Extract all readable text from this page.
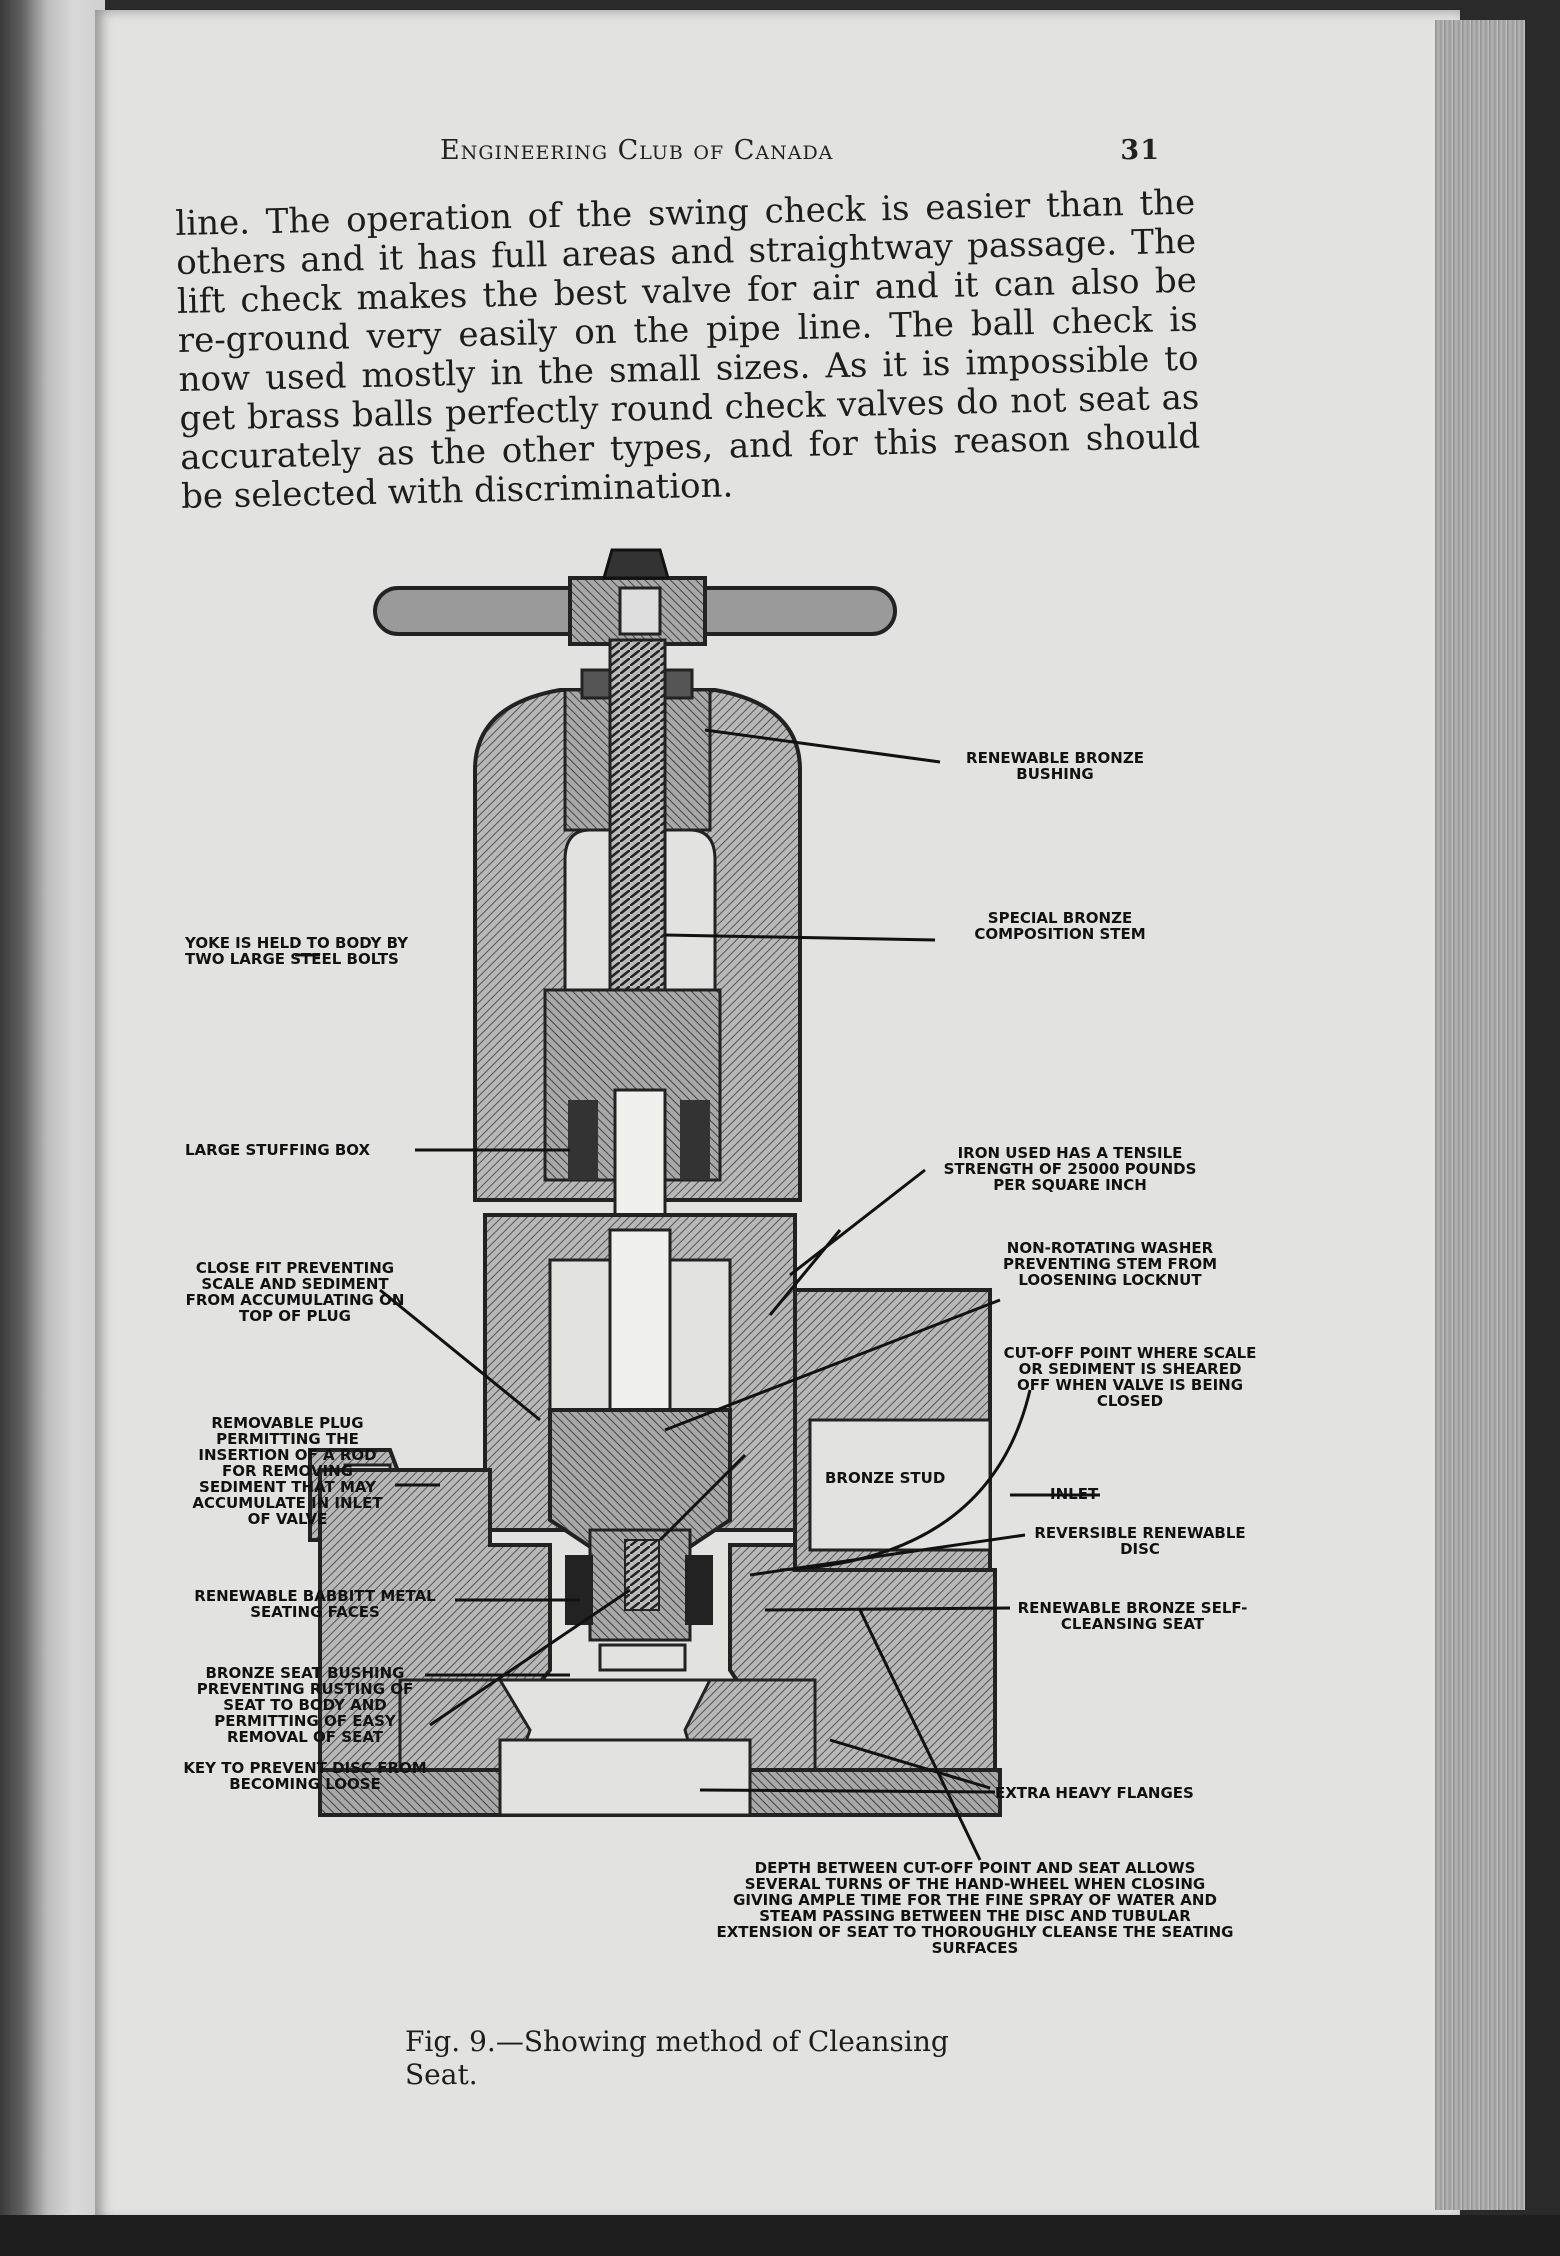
Engineering Club of Canada	31
line. The operation of the swing check is easier than the others and it has full areas and straightway passage. The lift check makes the best valve for air and it can also be re-ground very easily on the pipe line. The ball check is now used mostly in the small sizes. As it is impossible to get brass balls perfectly round check valves do not seat as accurately as the other types, and for this reason should be selected with discrimination.
RENEWABLE BRONZE BUSHING
SPECIAL BRONZE COMPOSITION STEM
YOKE IS HELD TO BODY BY TWO LARGE STEEL BOLTS
LARGE STUFFING BOX	IRON USED HAS A TENSILE STRENGTH OF 25000 POUNDS PER SQUARE INCH
NON-ROTATING WASHER PREVENTING STEM FROM LOOSENING LOCKNUT
CLOSE FIT PREVENTING SCALE AND SEDIMENT FROM ACCUMULATING ON TOP OF PLUG
CUT-OFF POINT WHERE SCALE OR SEDIMENT IS SHEARED OFF WHEN VALVE IS BEING CLOSED
REMOVABLE PLUG PERMITTING THE INSERTION OF A ROD FOR REMOVING SEDIMENT THAT MAY ACCUMULATE IN INLET OF VALVE
BRONZE STUD
INLET
REVERSIBLE RENEWABLE DISC
RENEWABLE BABBITT METAL SEATING FACES	RENEWABLE BRONZE SELF-CLEANSING SEAT
BRONZE SEAT BUSHING PREVENTING RUSTING OF SEAT TO BODY AND PERMITTING OF EASY REMOVAL OF SEAT
KEY TO PREVENT DISC FROM BECOMING LOOSE	EXTRA HEAVY FLANGES
DEPTH BETWEEN CUT-OFF POINT AND SEAT ALLOWS SEVERAL TURNS OF THE HAND-WHEEL WHEN CLOSING GIVING AMPLE TIME FOR THE FINE SPRAY OF WATER AND STEAM PASSING BETWEEN THE DISC AND TUBULAR EXTENSION OF SEAT TO THOROUGHLY CLEANSE THE SEATING SURFACES
Fig. 9.—Showing method of Cleansing Seat.
